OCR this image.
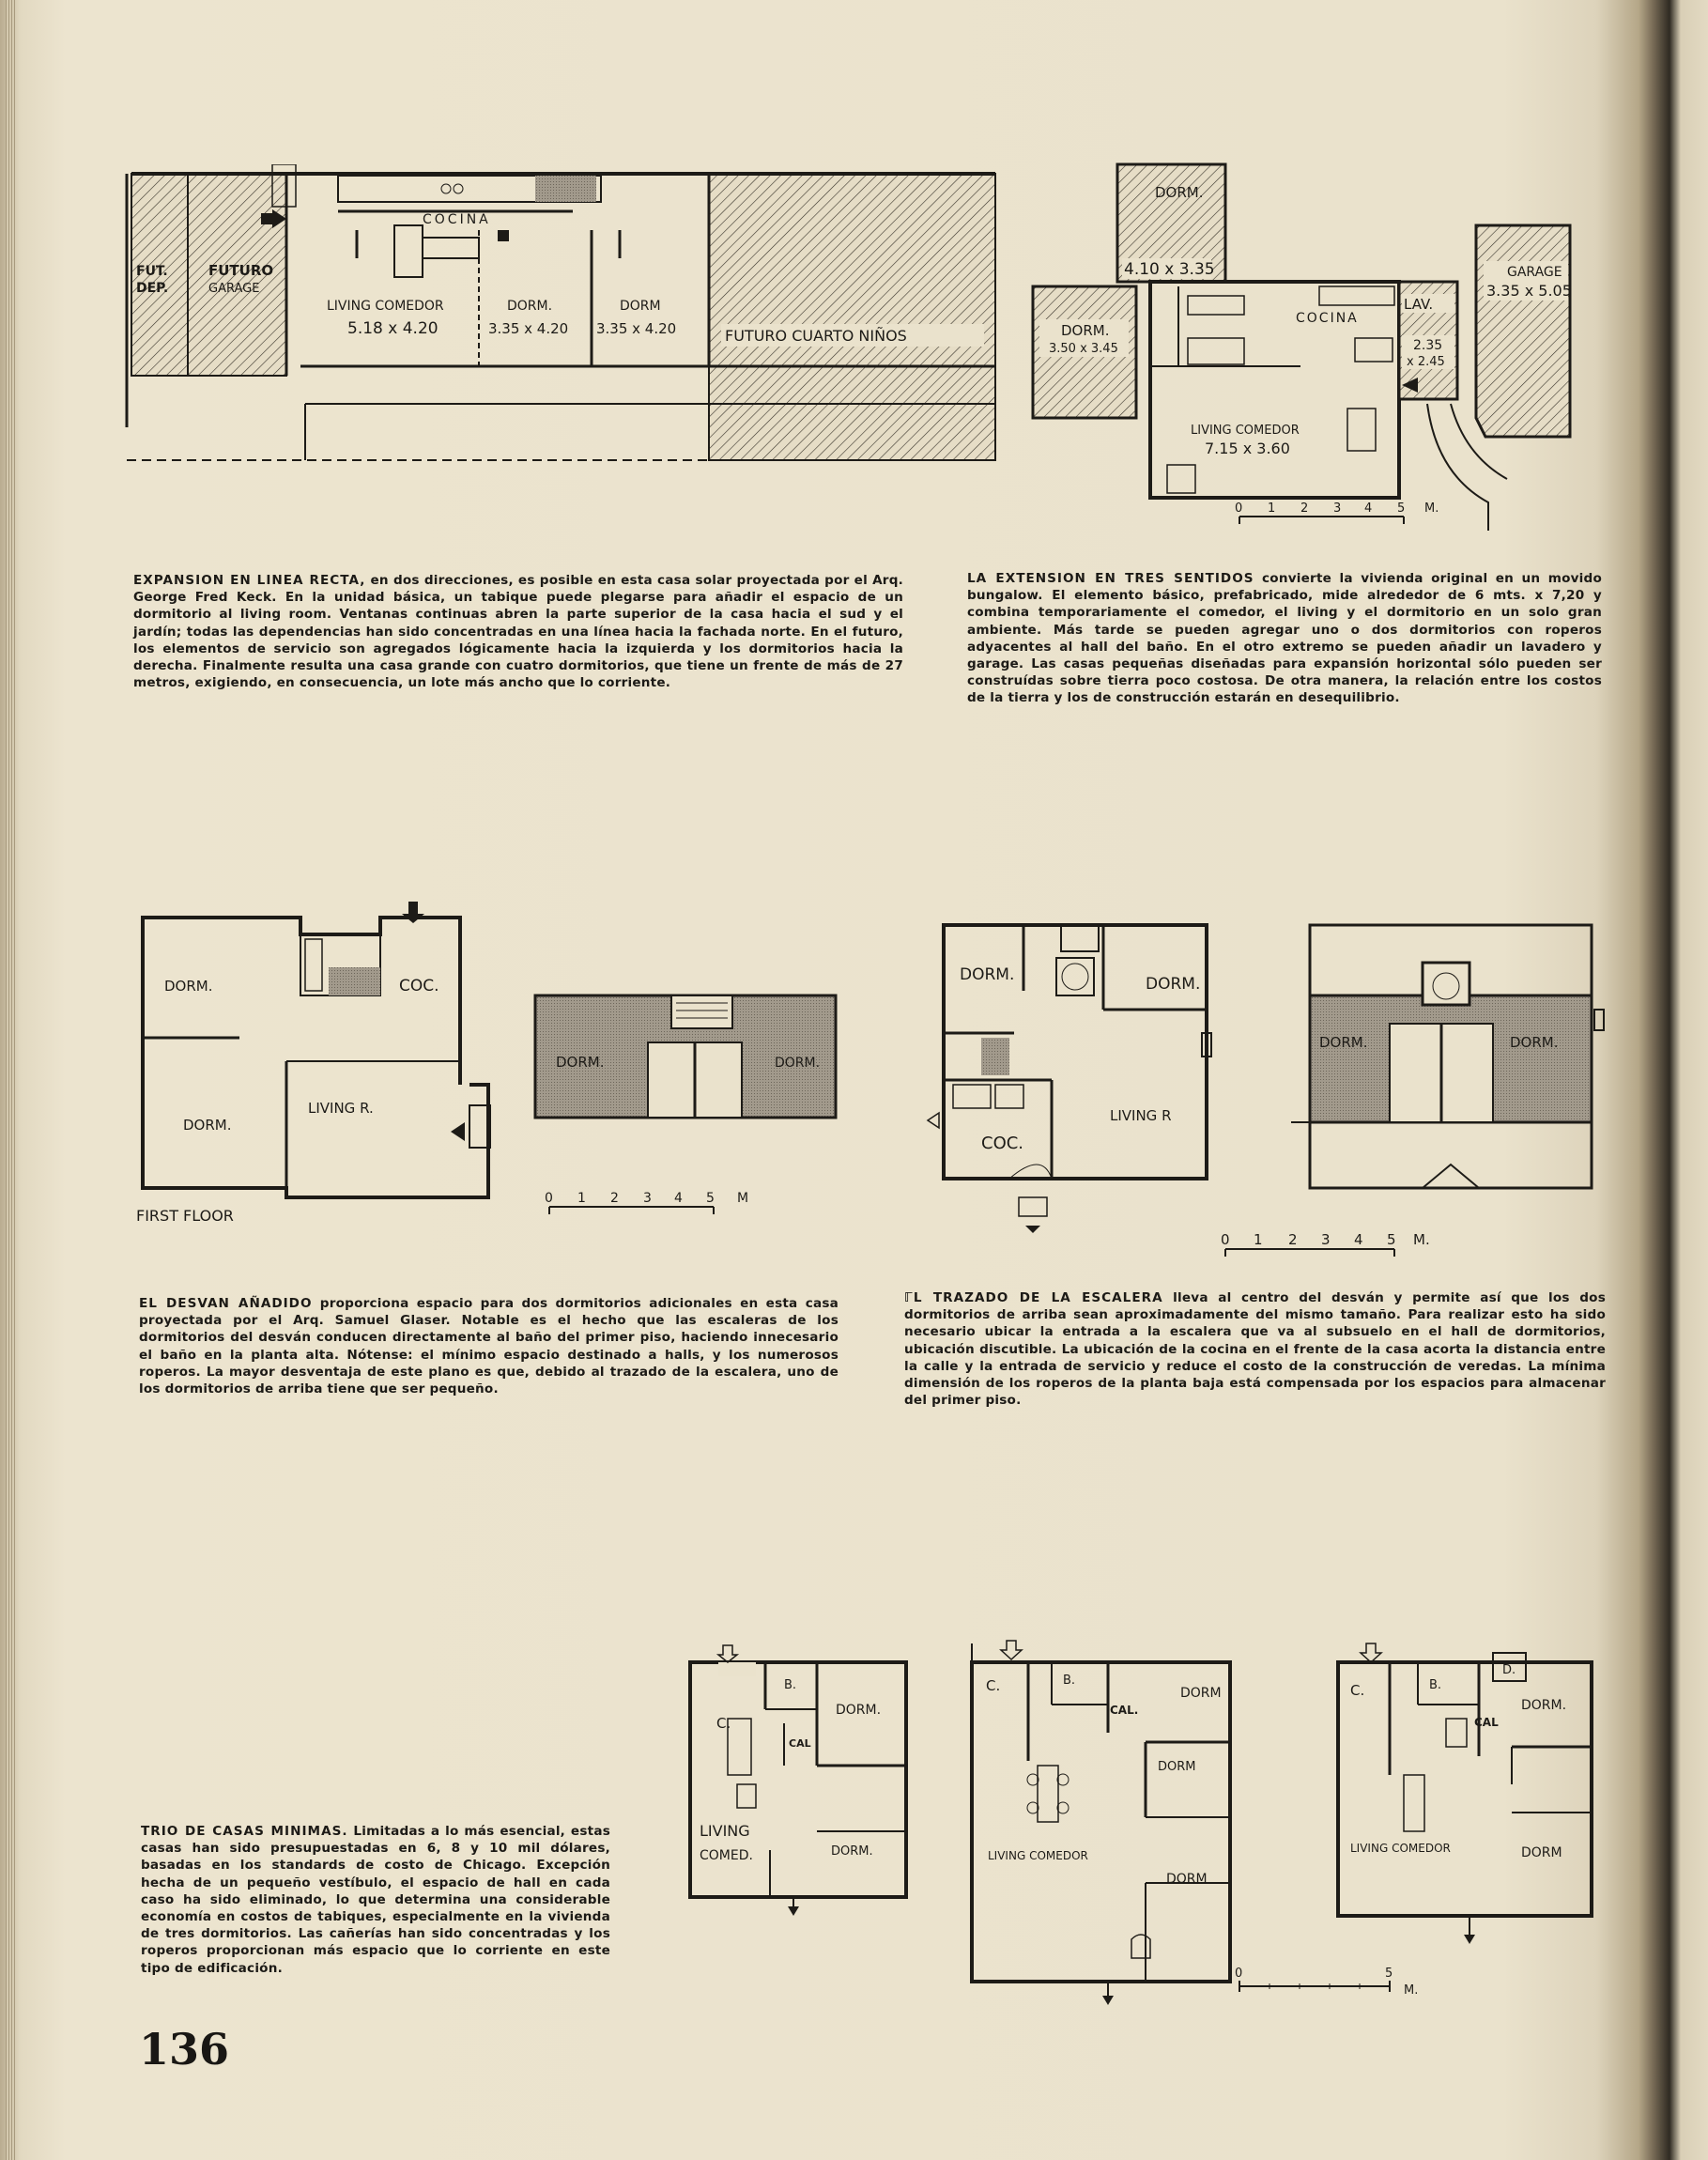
COCINA
FUT.
DEP.
FUTURO
GARAGE
LIVING COMEDOR
5.18 x 4.20
DORM.
3.35 x 4.20
DORM
3.35 x 4.20	FUTURO CUARTO NIÑOS
DORM.
4.10 x 3.35
DORM.
3.50 x 3.45
COCINA
LIVING COMEDOR
7.15 x 3.60
LAV.
2.35
x 2.45
GARAGE
3.35 x 5.05
0 1 2 3 4 5 M.
EXPANSION EN LINEA RECTA, en dos direcciones, es posible en esta casa solar proyectada por el Arq. George Fred Keck. En la unidad básica, un tabique puede plegarse para añadir el espacio de un dormitorio al living room. Ventanas continuas abren la parte superior de la casa hacia el sud y el jardín; todas las dependencias han sido concentradas en una línea hacia la fachada norte. En el futuro, los elementos de servicio son agregados lógicamente hacia la izquierda y los dormitorios hacia la derecha. Finalmente resulta una casa grande con cuatro dormitorios, que tiene un frente de más de 27 metros, exigiendo, en consecuencia, un lote más ancho que lo corriente.
LA EXTENSION EN TRES SENTIDOS convierte la vivienda original en un movido bungalow. El elemento básico, prefabricado, mide alrededor de 6 mts. x 7,20 y combina temporariamente el comedor, el living y el dormitorio en un solo gran ambiente. Más tarde se pueden agregar uno o dos dormitorios con roperos adyacentes al hall del baño. En el otro extremo se pueden añadir un lavadero y garage. Las casas pequeñas diseñadas para expansión horizontal sólo pueden ser construídas sobre tierra poco costosa. De otra manera, la relación entre los costos de la tierra y los de construcción estarán en desequilibrio.
DORM.	COC.
DORM.
LIVING R.
FIRST FLOOR
DORM.	DORM.
0 1 2 3 4 5 M
DORM.	DORM.
COC.
LIVING R
DORM.	DORM.
0 1 2 3 4 5 M.
EL DESVAN AÑADIDO proporciona espacio para dos dormitorios adicionales en esta casa proyectada por el Arq. Samuel Glaser. Notable es el hecho que las escaleras de los dormitorios del desván conducen directamente al baño del primer piso, haciendo innecesario el baño en la planta alta. Nótense: el mínimo espacio destinado a halls, y los numerosos roperos. La mayor desventaja de este plano es que, debido al trazado de la escalera, uno de los dormitorios de arriba tiene que ser pequeño.
ℾL TRAZADO DE LA ESCALERA lleva al centro del desván y permite así que los dos dormitorios de arriba sean aproximadamente del mismo tamaño. Para realizar esto ha sido necesario ubicar la entrada a la escalera que va al subsuelo en el hall de dormitorios, ubicación discutible. La ubicación de la cocina en el frente de la casa acorta la distancia entre la calle y la entrada de servicio y reduce el costo de la construcción de veredas. La mínima dimensión de los roperos de la planta baja está compensada por los espacios para almacenar del primer piso.
C.
B.
DORM.
CAL
LIVING
COMED.	DORM.
C.	B.
CAL.
DORM
DORM
LIVING COMEDOR
DORM
0	5
M.
D.
C.	B.
CAL
DORM.
LIVING COMEDOR	DORM
TRIO DE CASAS MINIMAS. Limitadas a lo más esencial, estas casas han sido presupuestadas en 6, 8 y 10 mil dólares, basadas en los standards de costo de Chicago. Excepción hecha de un pequeño vestíbulo, el espacio de hall en cada caso ha sido eliminado, lo que determina una considerable economía en costos de tabiques, especialmente en la vivienda de tres dormitorios. Las cañerías han sido concentradas y los roperos proporcionan más espacio que lo corriente en este tipo de edificación.
136
